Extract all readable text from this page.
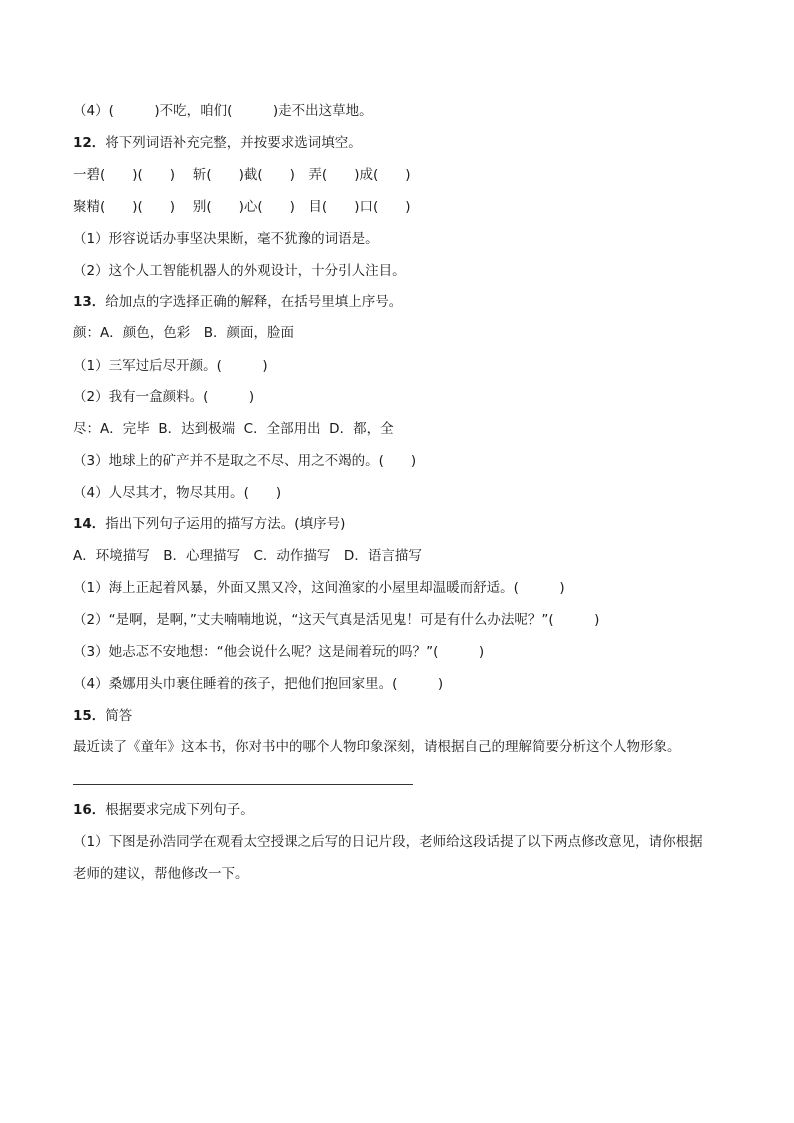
（4）(　　　)不吃，咱们(　　　)走不出这草地。
12．将下列词语补充完整，并按要求选词填空。
一碧(　　)(　　)　 斩(　　)截(　　)　弄(　　)成(　　)
聚精(　　)(　　)　 别(　　)心(　　)　目(　　)口(　　)
（1）形容说话办事坚决果断，毫不犹豫的词语是。
（2）这个人工智能机器人的外观设计，十分引人注目。
13．给加点的字选择正确的解释，在括号里填上序号。
颜：A．颜色，色彩　B．颜面，脸面
（1）三军过后尽开颜。(　　　)
（2）我有一盒颜料。(　　　)
尽：A．完毕  B．达到极端  C．全部用出  D．都，全
（3）地球上的矿产并不是取之不尽、用之不竭的。(　　)
（4）人尽其才，物尽其用。(　　)
14．指出下列句子运用的描写方法。(填序号)
A．环境描写　B．心理描写　C．动作描写　D．语言描写
（1）海上正起着风暴，外面又黑又冷，这间渔家的小屋里却温暖而舒适。(　　　)
（2）“是啊，是啊，”丈夫喃喃地说，“这天气真是活见鬼！可是有什么办法呢？”(　　　)
（3）她忐忑不安地想：“他会说什么呢？这是闹着玩的吗？”(　　　)
（4）桑娜用头巾裹住睡着的孩子，把他们抱回家里。(　　　)
15．简答
最近读了《童年》这本书，你对书中的哪个人物印象深刻，请根据自己的理解简要分析这个人物形象。
16．根据要求完成下列句子。
（1）下图是孙浩同学在观看太空授课之后写的日记片段，老师给这段话提了以下两点修改意见，请你根据
老师的建议，帮他修改一下。
